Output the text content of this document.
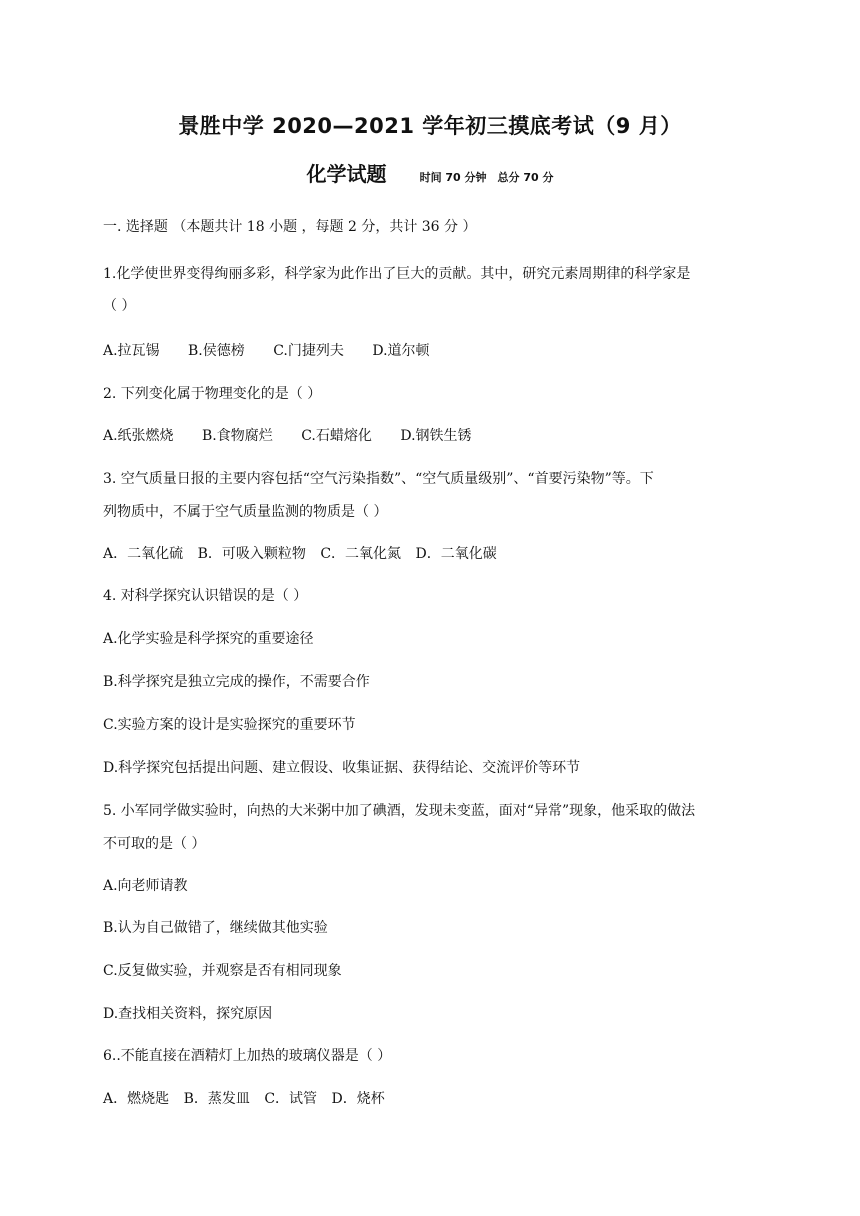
景胜中学 2020—2021 学年初三摸底考试（9 月）
化学试题	时间 70 分钟　总分 70 分
一. 选择题 （本题共计 18 小题 ，每题 2 分，共计 36 分 ）
1.化学使世界变得绚丽多彩，科学家为此作出了巨大的贡献。其中，研究元素周期律的科学家是
（ ）
A.拉瓦锡 B.侯德榜 C.门捷列夫 D.道尔顿
2. 下列变化属于物理变化的是（ ）
A.纸张燃烧 B.食物腐烂 C.石蜡熔化 D.钢铁生锈
3. 空气质量日报的主要内容包括“空气污染指数”、“空气质量级别”、“首要污染物”等。下
列物质中，不属于空气质量监测的物质是（ ）
A．二氧化硫 B．可吸入颗粒物 C．二氧化氮 D．二氧化碳
4. 对科学探究认识错误的是（ ）
A.化学实验是科学探究的重要途径
B.科学探究是独立完成的操作，不需要合作
C.实验方案的设计是实验探究的重要环节
D.科学探究包括提出问题、建立假设、收集证据、获得结论、交流评价等环节
5. 小军同学做实验时，向热的大米粥中加了碘酒，发现未变蓝，面对“异常”现象，他采取的做法
不可取的是（ ）
A.向老师请教
B.认为自己做错了，继续做其他实验
C.反复做实验，并观察是否有相同现象
D.查找相关资料，探究原因
6..不能直接在酒精灯上加热的玻璃仪器是（ ）
A．燃烧匙 B．蒸发皿 C．试管 D．烧杯
